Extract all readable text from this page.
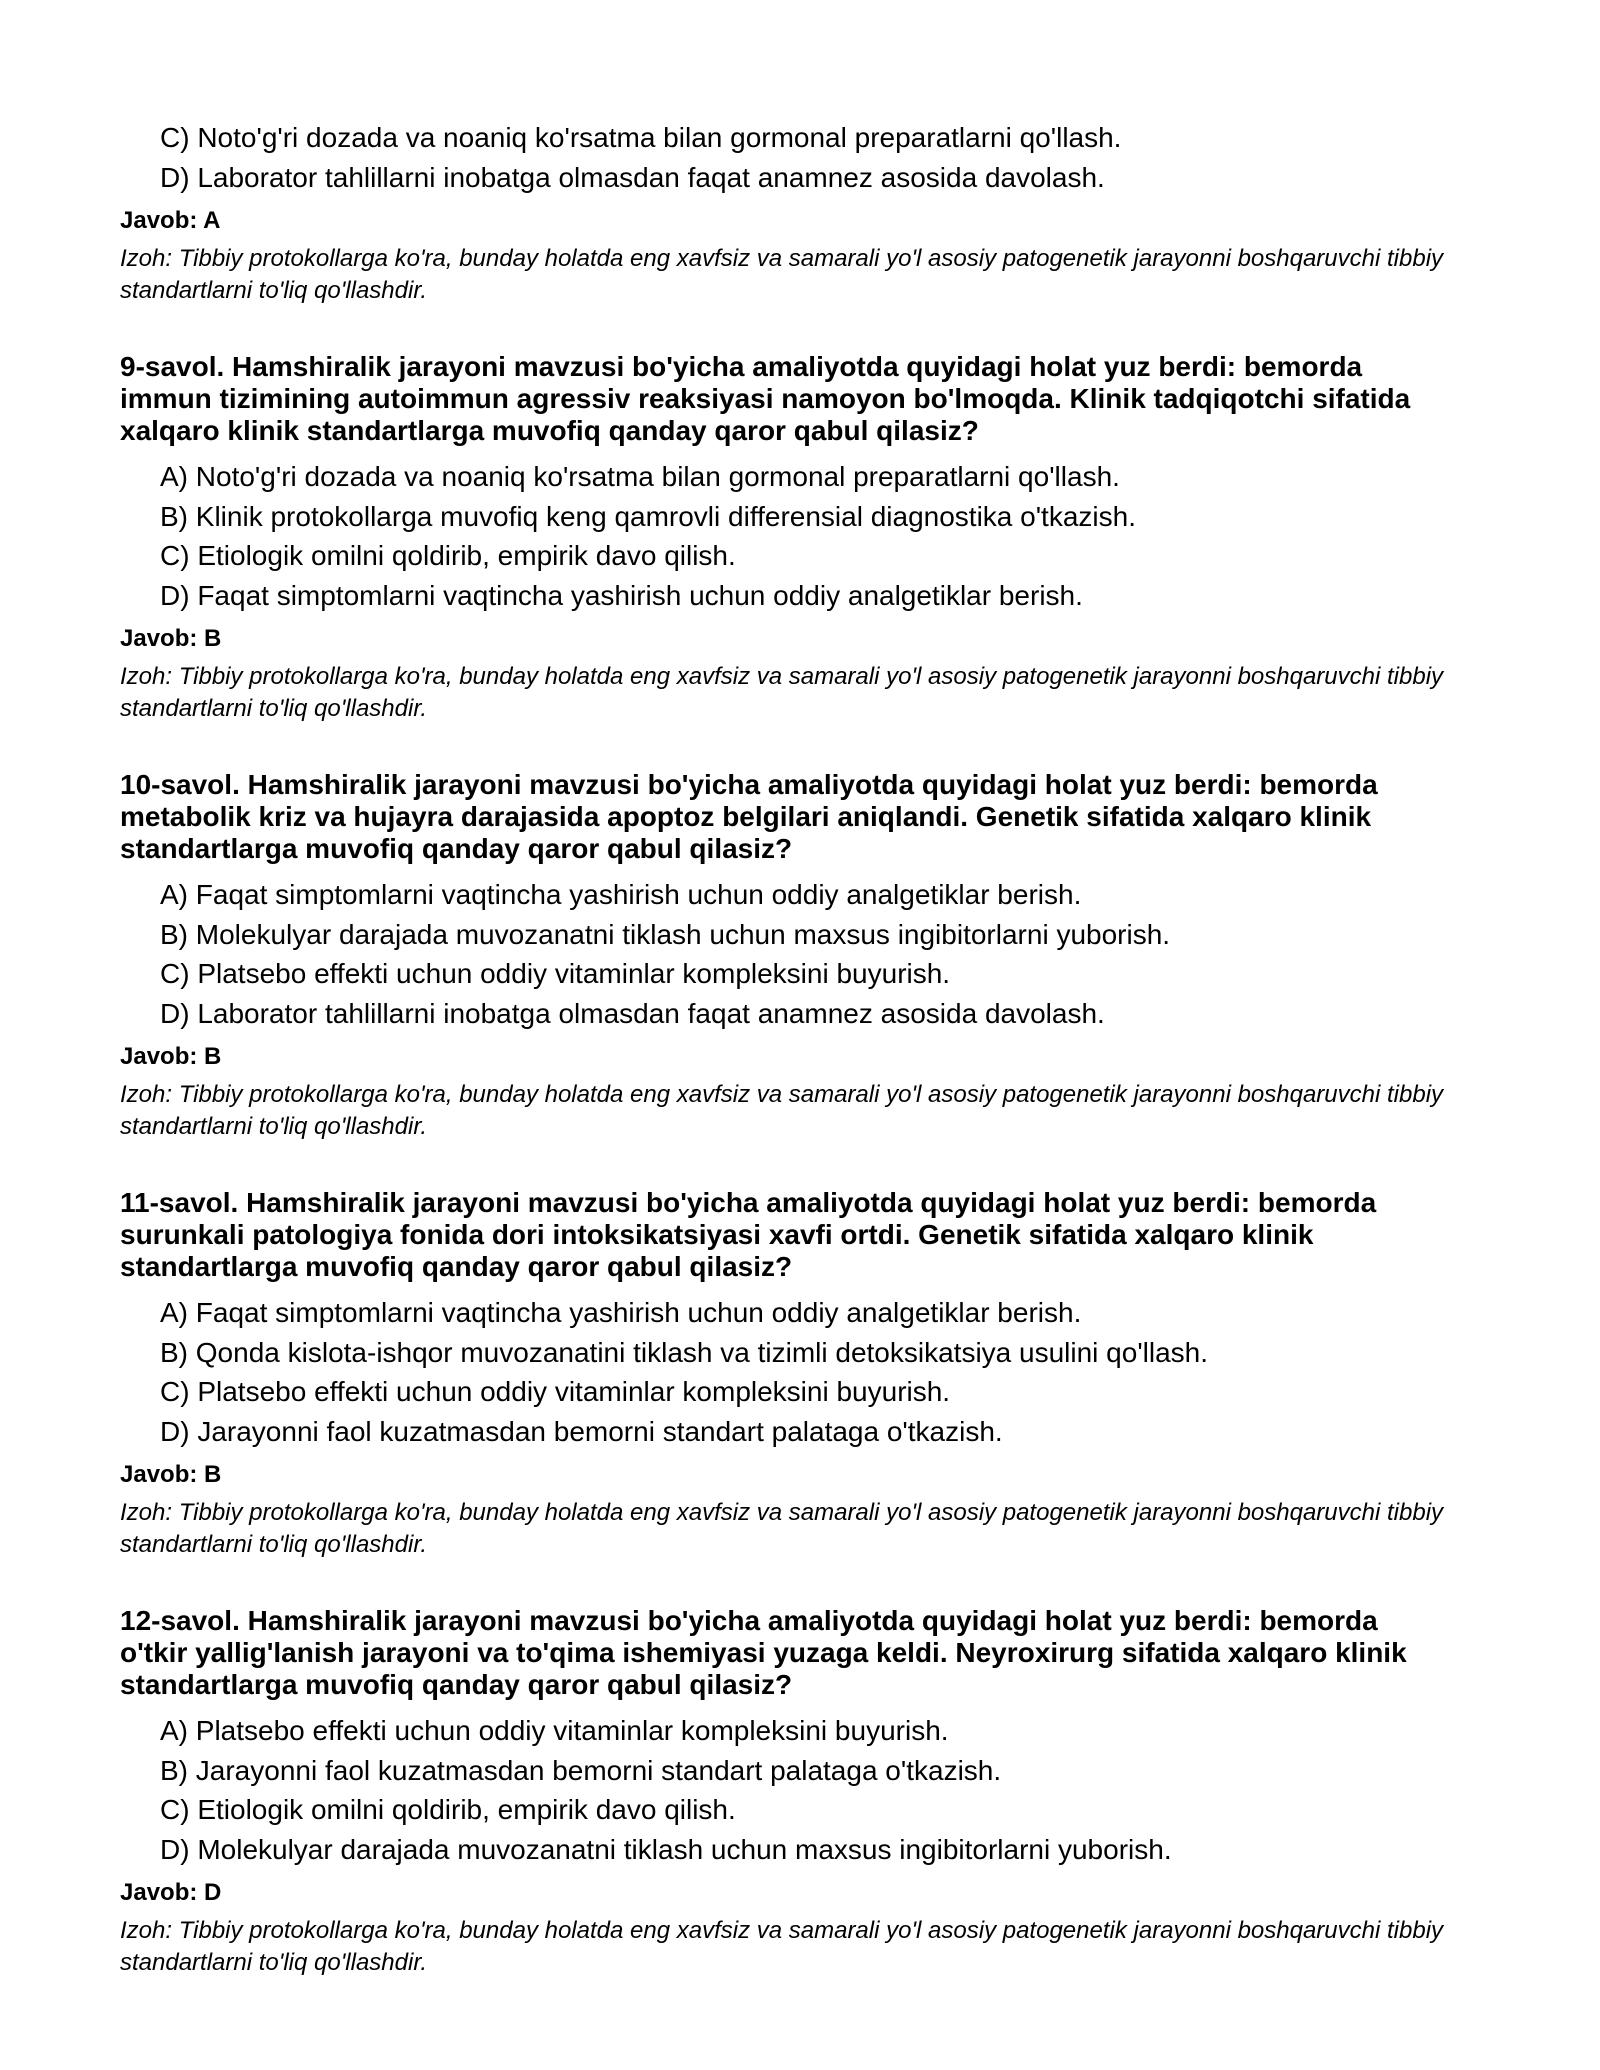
C) Noto'g'ri dozada va noaniq ko'rsatma bilan gormonal preparatlarni qo'llash.
D) Laborator tahlillarni inobatga olmasdan faqat anamnez asosida davolash.
Javob: A
Izoh: Tibbiy protokollarga ko'ra, bunday holatda eng xavfsiz va samarali yo'l asosiy patogenetik jarayonni boshqaruvchi tibbiy standartlarni to'liq qo'llashdir.
9-savol. Hamshiralik jarayoni mavzusi bo'yicha amaliyotda quyidagi holat yuz berdi: bemorda immun tizimining autoimmun agressiv reaksiyasi namoyon bo'lmoqda. Klinik tadqiqotchi sifatida xalqaro klinik standartlarga muvofiq qanday qaror qabul qilasiz?
A) Noto'g'ri dozada va noaniq ko'rsatma bilan gormonal preparatlarni qo'llash.
B) Klinik protokollarga muvofiq keng qamrovli differensial diagnostika o'tkazish.
C) Etiologik omilni qoldirib, empirik davo qilish.
D) Faqat simptomlarni vaqtincha yashirish uchun oddiy analgetiklar berish.
Javob: B
Izoh: Tibbiy protokollarga ko'ra, bunday holatda eng xavfsiz va samarali yo'l asosiy patogenetik jarayonni boshqaruvchi tibbiy standartlarni to'liq qo'llashdir.
10-savol. Hamshiralik jarayoni mavzusi bo'yicha amaliyotda quyidagi holat yuz berdi: bemorda metabolik kriz va hujayra darajasida apoptoz belgilari aniqlandi. Genetik sifatida xalqaro klinik standartlarga muvofiq qanday qaror qabul qilasiz?
A) Faqat simptomlarni vaqtincha yashirish uchun oddiy analgetiklar berish.
B) Molekulyar darajada muvozanatni tiklash uchun maxsus ingibitorlarni yuborish.
C) Platsebo effekti uchun oddiy vitaminlar kompleksini buyurish.
D) Laborator tahlillarni inobatga olmasdan faqat anamnez asosida davolash.
Javob: B
Izoh: Tibbiy protokollarga ko'ra, bunday holatda eng xavfsiz va samarali yo'l asosiy patogenetik jarayonni boshqaruvchi tibbiy standartlarni to'liq qo'llashdir.
11-savol. Hamshiralik jarayoni mavzusi bo'yicha amaliyotda quyidagi holat yuz berdi: bemorda surunkali patologiya fonida dori intoksikatsiyasi xavfi ortdi. Genetik sifatida xalqaro klinik standartlarga muvofiq qanday qaror qabul qilasiz?
A) Faqat simptomlarni vaqtincha yashirish uchun oddiy analgetiklar berish.
B) Qonda kislota-ishqor muvozanatini tiklash va tizimli detoksikatsiya usulini qo'llash.
C) Platsebo effekti uchun oddiy vitaminlar kompleksini buyurish.
D) Jarayonni faol kuzatmasdan bemorni standart palataga o'tkazish.
Javob: B
Izoh: Tibbiy protokollarga ko'ra, bunday holatda eng xavfsiz va samarali yo'l asosiy patogenetik jarayonni boshqaruvchi tibbiy standartlarni to'liq qo'llashdir.
12-savol. Hamshiralik jarayoni mavzusi bo'yicha amaliyotda quyidagi holat yuz berdi: bemorda o'tkir yallig'lanish jarayoni va to'qima ishemiyasi yuzaga keldi. Neyroxirurg sifatida xalqaro klinik standartlarga muvofiq qanday qaror qabul qilasiz?
A) Platsebo effekti uchun oddiy vitaminlar kompleksini buyurish.
B) Jarayonni faol kuzatmasdan bemorni standart palataga o'tkazish.
C) Etiologik omilni qoldirib, empirik davo qilish.
D) Molekulyar darajada muvozanatni tiklash uchun maxsus ingibitorlarni yuborish.
Javob: D
Izoh: Tibbiy protokollarga ko'ra, bunday holatda eng xavfsiz va samarali yo'l asosiy patogenetik jarayonni boshqaruvchi tibbiy standartlarni to'liq qo'llashdir.
